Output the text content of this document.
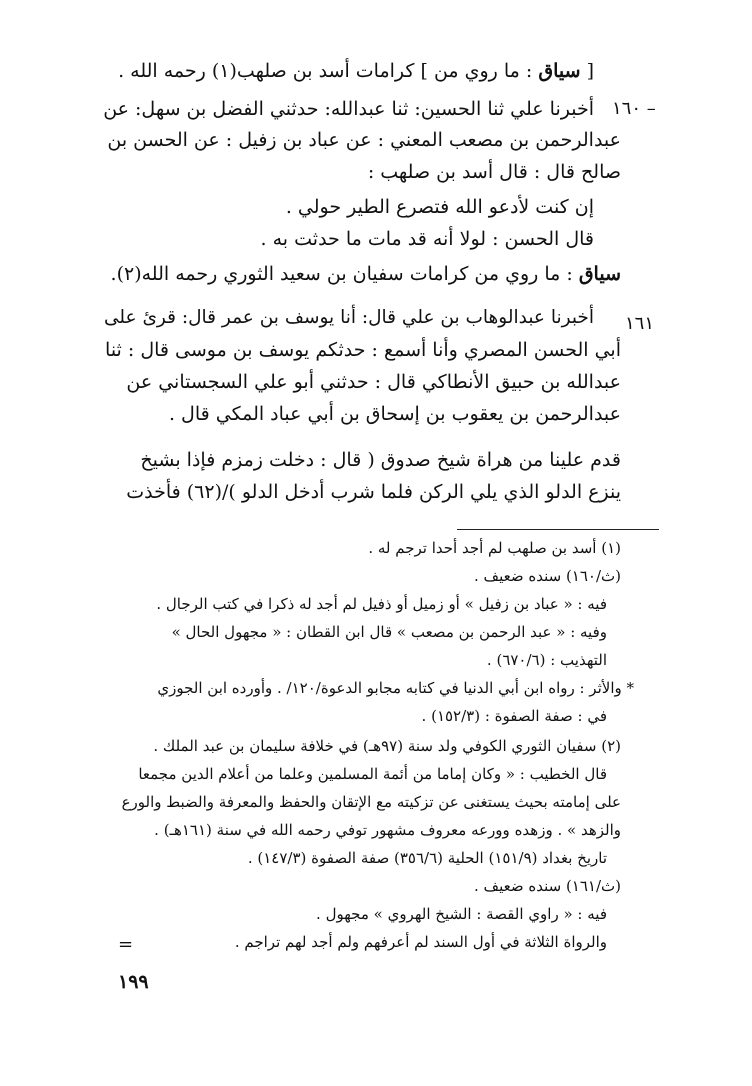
[ سياق : ما روي من ] كرامات أسد بن صلهب(١) رحمه الله .
١٦٠ –
أخبرنا علي ثنا الحسين: ثنا عبدالله: حدثني الفضل بن سهل: عن
عبدالرحمن بن مصعب المعني : عن عباد بن زفيل : عن الحسن بن
صالح قال : قال أسد بن صلهب :
إن كنت لأدعو الله فتصرع الطير حولي .
قال الحسن : لولا أنه قد مات ما حدثت به .
سياق : ما روي من كرامات سفيان بن سعيد الثوري رحمه الله(٢).
١٦١
أخبرنا عبدالوهاب بن علي قال: أنا يوسف بن عمر قال: قرئ على
أبي الحسن المصري وأنا أسمع : حدثكم يوسف بن موسى قال : ثنا
عبدالله بن حبيق الأنطاكي قال : حدثني أبو علي السجستاني عن
عبدالرحمن بن يعقوب بن إسحاق بن أبي عباد المكي قال .
قدم علينا من هراة شيخ صدوق ( قال : دخلت زمزم فإذا بشيخ
ينزع الدلو الذي يلي الركن فلما شرب أدخل الدلو )/(٦٢) فأخذت
(١) أسد بن صلهب لم أجد أحدا ترجم له .
(ث/١٦٠) سنده ضعيف .
فيه : « عباد بن زفيل » أو زميل أو ذفيل لم أجد له ذكرا في كتب الرجال .
وفيه : « عبد الرحمن بن مصعب » قال ابن القطان : « مجهول الحال »
التهذيب : (٦٧٠/٦) .
* والأثر : رواه ابن أبي الدنيا في كتابه مجابو الدعوة/١٢٠/ . وأورده ابن الجوزي
في : صفة الصفوة : (١٥٢/٣) .
(٢) سفيان الثوري الكوفي ولد سنة (٩٧هـ) في خلافة سليمان بن عبد الملك .
قال الخطيب : « وكان إماما من أئمة المسلمين وعلما من أعلام الدين مجمعا
على إمامته بحيث يستغنى عن تزكيته مع الإتقان والحفظ والمعرفة والضبط والورع
والزهد » . وزهده وورعه معروف مشهور توفي رحمه الله في سنة (١٦١هـ) .
تاريخ بغداد (١٥١/٩) الحلية (٣٥٦/٦) صفة الصفوة (١٤٧/٣) .
(ث/١٦١) سنده ضعيف .
فيه : « راوي القصة : الشيخ الهروي » مجهول .
والرواة الثلاثة في أول السند لم أعرفهم ولم أجد لهم تراجم .
=
١٩٩
